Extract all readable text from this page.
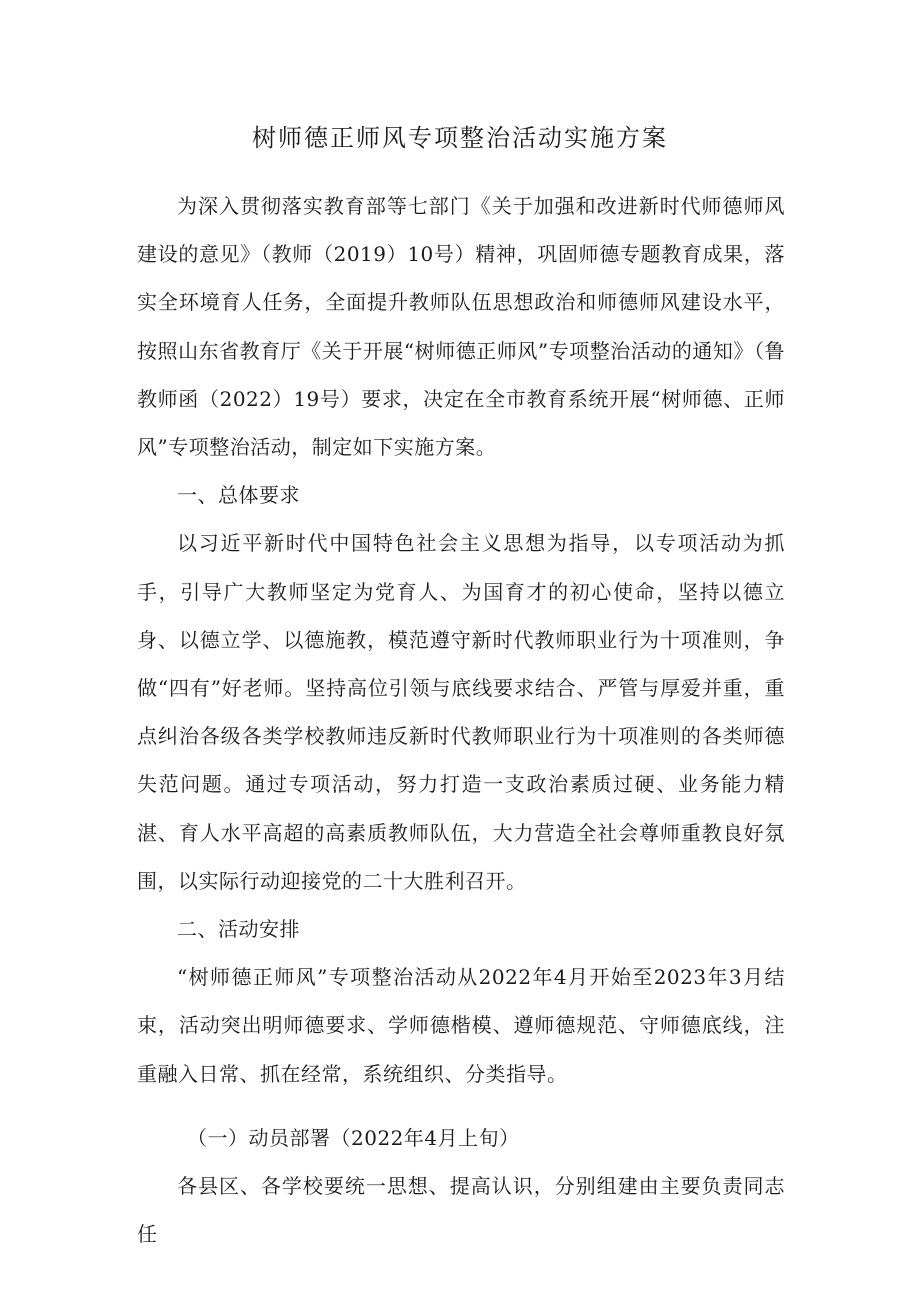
树师德正师风专项整治活动实施方案

为深入贯彻落实教育部等七部门《关于加强和改进新时代师德师风建设的意见》（教师（2019）10号）精神，巩固师德专题教育成果，落实全环境育人任务，全面提升教师队伍思想政治和师德师风建设水平，按照山东省教育厅《关于开展“树师德正师风”专项整治活动的通知》（鲁教师函（2022）19号）要求，决定在全市教育系统开展“树师德、正师风”专项整治活动，制定如下实施方案。

一、总体要求

以习近平新时代中国特色社会主义思想为指导，以专项活动为抓手，引导广大教师坚定为党育人、为国育才的初心使命，坚持以德立身、以德立学、以德施教，模范遵守新时代教师职业行为十项准则，争做“四有”好老师。坚持高位引领与底线要求结合、严管与厚爱并重，重点纠治各级各类学校教师违反新时代教师职业行为十项准则的各类师德失范问题。通过专项活动，努力打造一支政治素质过硬、业务能力精湛、育人水平高超的高素质教师队伍，大力营造全社会尊师重教良好氛围，以实际行动迎接党的二十大胜利召开。

二、活动安排

“树师德正师风”专项整治活动从2022年4月开始至2023年3月结束，活动突出明师德要求、学师德楷模、遵师德规范、守师德底线，注重融入日常、抓在经常，系统组织、分类指导。

（一）动员部署（2022年4月上旬）

各县区、各学校要统一思想、提高认识，分别组建由主要负责同志任
